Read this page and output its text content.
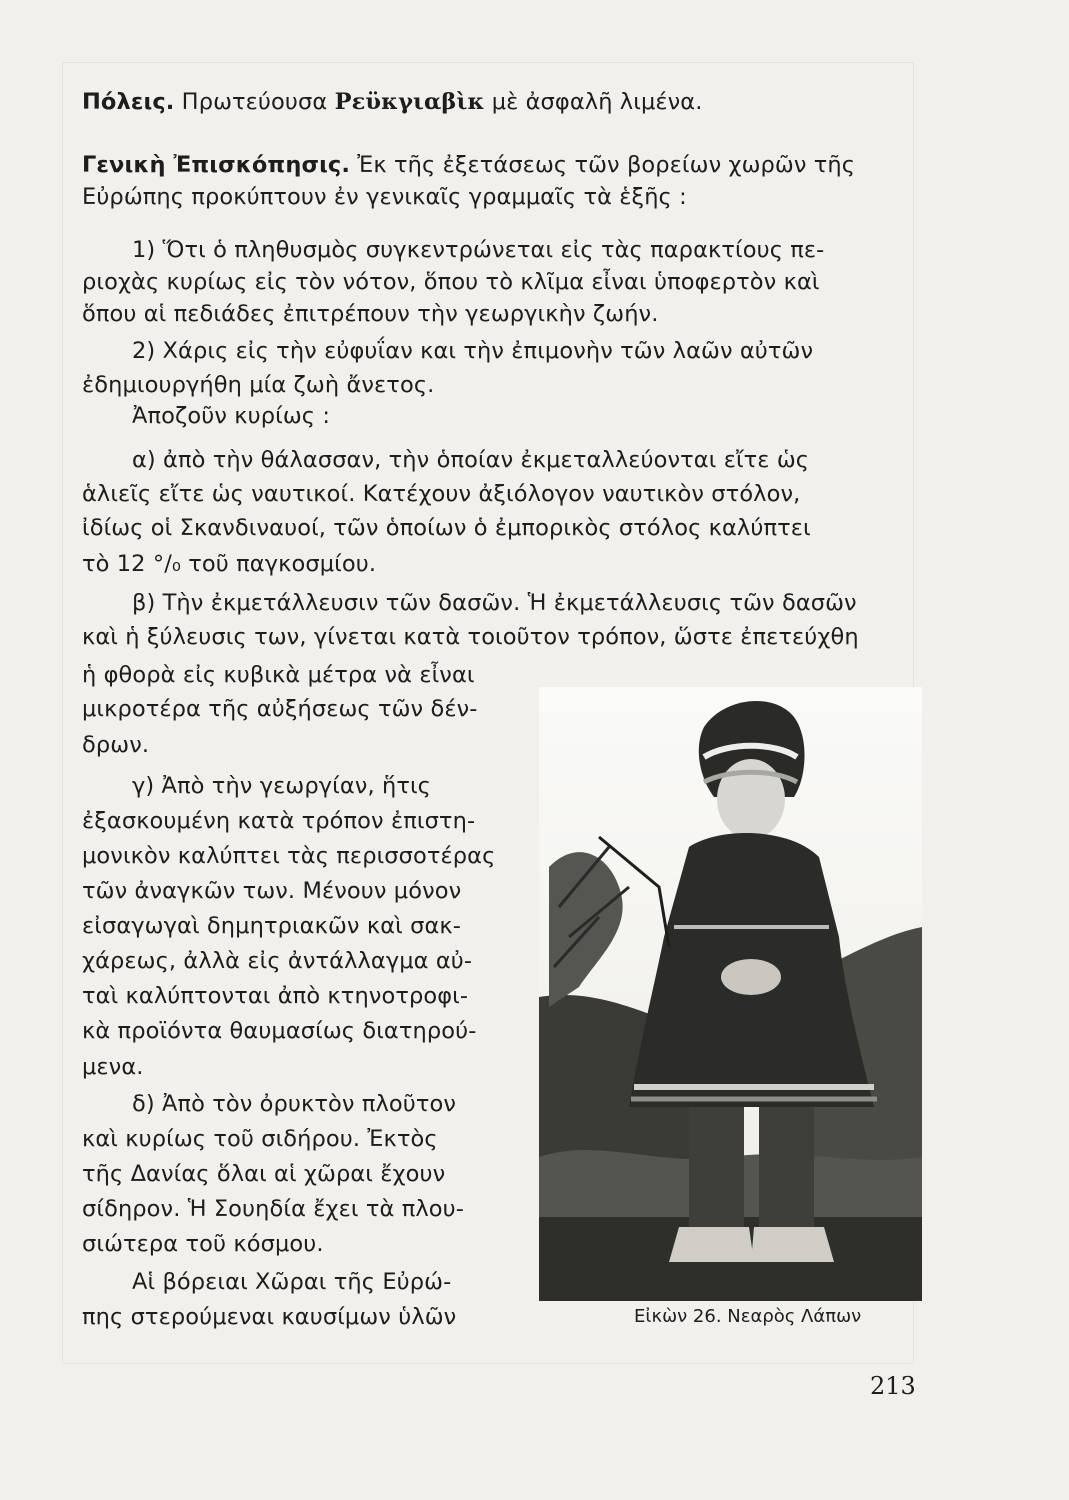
Πόλεις. Πρωτεύουσα Ρεϋκγιαβὶκ μὲ ἀσφαλῆ λιμένα.
Γενικὴ Ἐπισκόπησις. Ἐκ τῆς ἐξετάσεως τῶν βορείων χωρῶν τῆς
Εὐρώπης προκύπτουν ἐν γενικαῖς γραμμαῖς τὰ ἑξῆς :
1) Ὅτι ὁ πληθυσμὸς συγκεντρώνεται εἰς τὰς παρακτίους πε-
ριοχὰς κυρίως εἰς τὸν νότον, ὅπου τὸ κλῖμα εἶναι ὑποφερτὸν καὶ
ὅπου αἱ πεδιάδες ἐπιτρέπουν τὴν γεωργικὴν ζωήν.
2) Χάρις εἰς τὴν εὐφυΐαν και τὴν ἐπιμονὴν τῶν λαῶν αὐτῶν
ἐδημιουργήθη μία ζωὴ ἄνετος.
Ἀποζοῦν κυρίως :
α) ἀπὸ τὴν θάλασσαν, τὴν ὁποίαν ἐκμεταλλεύονται εἴτε ὡς
ἁλιεῖς εἴτε ὡς ναυτικοί. Κατέχουν ἀξιόλογον ναυτικὸν στόλον,
ἰδίως οἱ Σκανδιναυοί, τῶν ὁποίων ὁ ἐμπορικὸς στόλος καλύπτει
τὸ 12 °/₀ τοῦ παγκοσμίου.
β) Τὴν ἐκμετάλλευσιν τῶν δασῶν. Ἡ ἐκμετάλλευσις τῶν δασῶν
καὶ ἡ ξύλευσις των, γίνεται κατὰ τοιοῦτον τρόπον, ὥστε ἐπετεύχθη
ἡ φθορὰ εἰς κυβικὰ μέτρα νὰ εἶναι
μικροτέρα τῆς αὐξήσεως τῶν δέν-
δρων.
γ) Ἀπὸ τὴν γεωργίαν, ἥτις
ἐξασκουμένη κατὰ τρόπον ἐπιστη-
μονικὸν καλύπτει τὰς περισσοτέρας
τῶν ἀναγκῶν των. Μένουν μόνον
εἰσαγωγαὶ δημητριακῶν καὶ σακ-
χάρεως, ἀλλὰ εἰς ἀντάλλαγμα αὐ-
ταὶ καλύπτονται ἀπὸ κτηνοτροφι-
κὰ προϊόντα θαυμασίως διατηρού-
μενα.
δ) Ἀπὸ τὸν ὀρυκτὸν πλοῦτον
καὶ κυρίως τοῦ σιδήρου. Ἐκτὸς
τῆς Δανίας ὅλαι αἱ χῶραι ἔχουν
σίδηρον. Ἡ Σουηδία ἔχει τὰ πλου-
σιώτερα τοῦ κόσμου.
Αἱ βόρειαι Χῶραι τῆς Εὐρώ-
πης στερούμεναι καυσίμων ὑλῶν	Εἰκὼν 26. Νεαρὸς Λάπων
213
